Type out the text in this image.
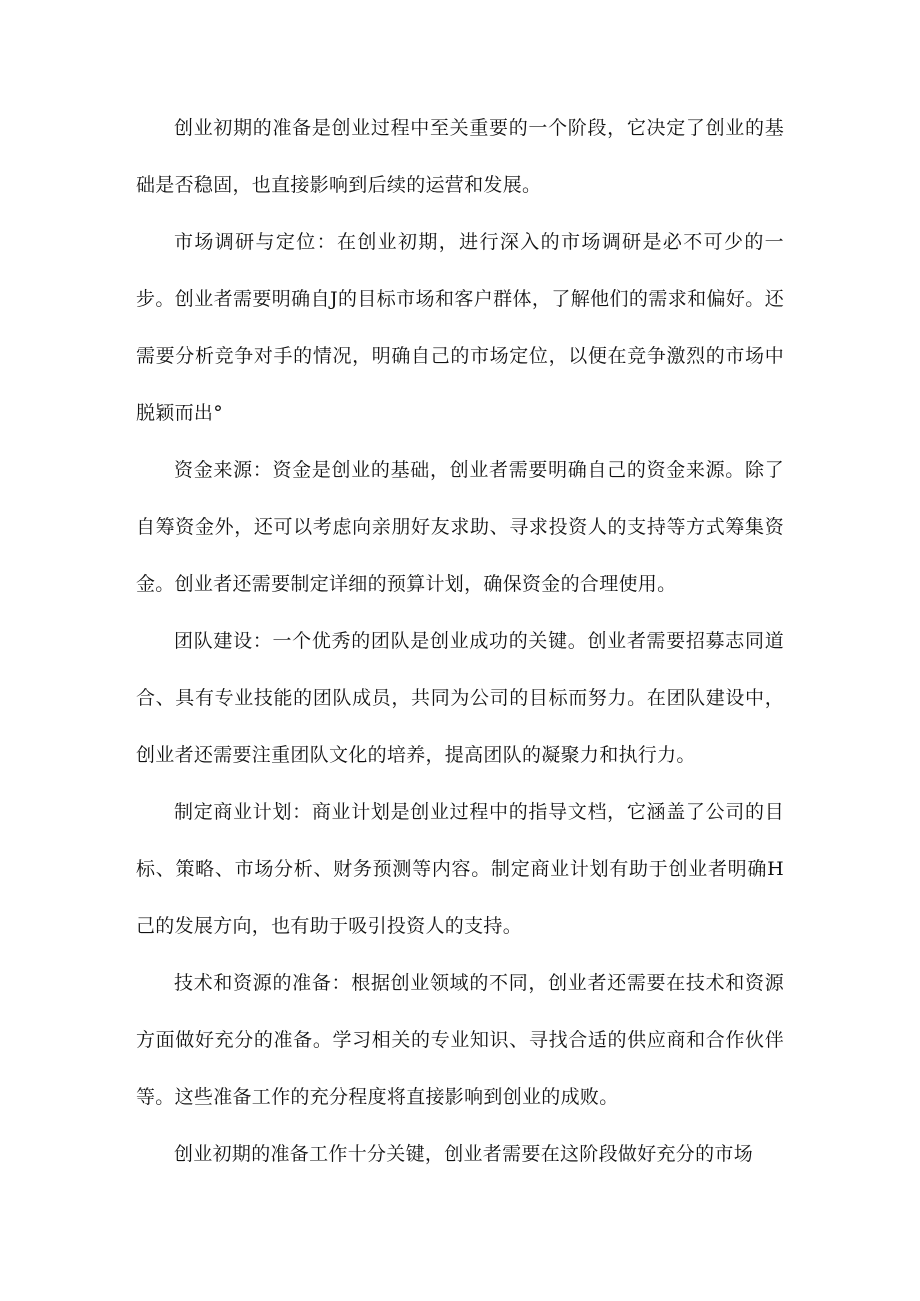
创业初期的准备是创业过程中至关重要的一个阶段，它决定了创业的基础是否稳固，也直接影响到后续的运营和发展。

市场调研与定位：在创业初期，进行深入的市场调研是必不可少的一步。创业者需要明确自J的目标市场和客户群体，了解他们的需求和偏好。还需要分析竞争对手的情况，明确自己的市场定位，以便在竞争激烈的市场中脱颖而出°

资金来源：资金是创业的基础，创业者需要明确自己的资金来源。除了自筹资金外，还可以考虑向亲朋好友求助、寻求投资人的支持等方式筹集资金。创业者还需要制定详细的预算计划，确保资金的合理使用。

团队建设：一个优秀的团队是创业成功的关键。创业者需要招募志同道合、具有专业技能的团队成员，共同为公司的目标而努力。在团队建设中，创业者还需要注重团队文化的培养，提高团队的凝聚力和执行力。

制定商业计划：商业计划是创业过程中的指导文档，它涵盖了公司的目标、策略、市场分析、财务预测等内容。制定商业计划有助于创业者明确H己的发展方向，也有助于吸引投资人的支持。

技术和资源的准备：根据创业领域的不同，创业者还需要在技术和资源方面做好充分的准备。学习相关的专业知识、寻找合适的供应商和合作伙伴等。这些准备工作的充分程度将直接影响到创业的成败。

创业初期的准备工作十分关键，创业者需要在这阶段做好充分的市场
